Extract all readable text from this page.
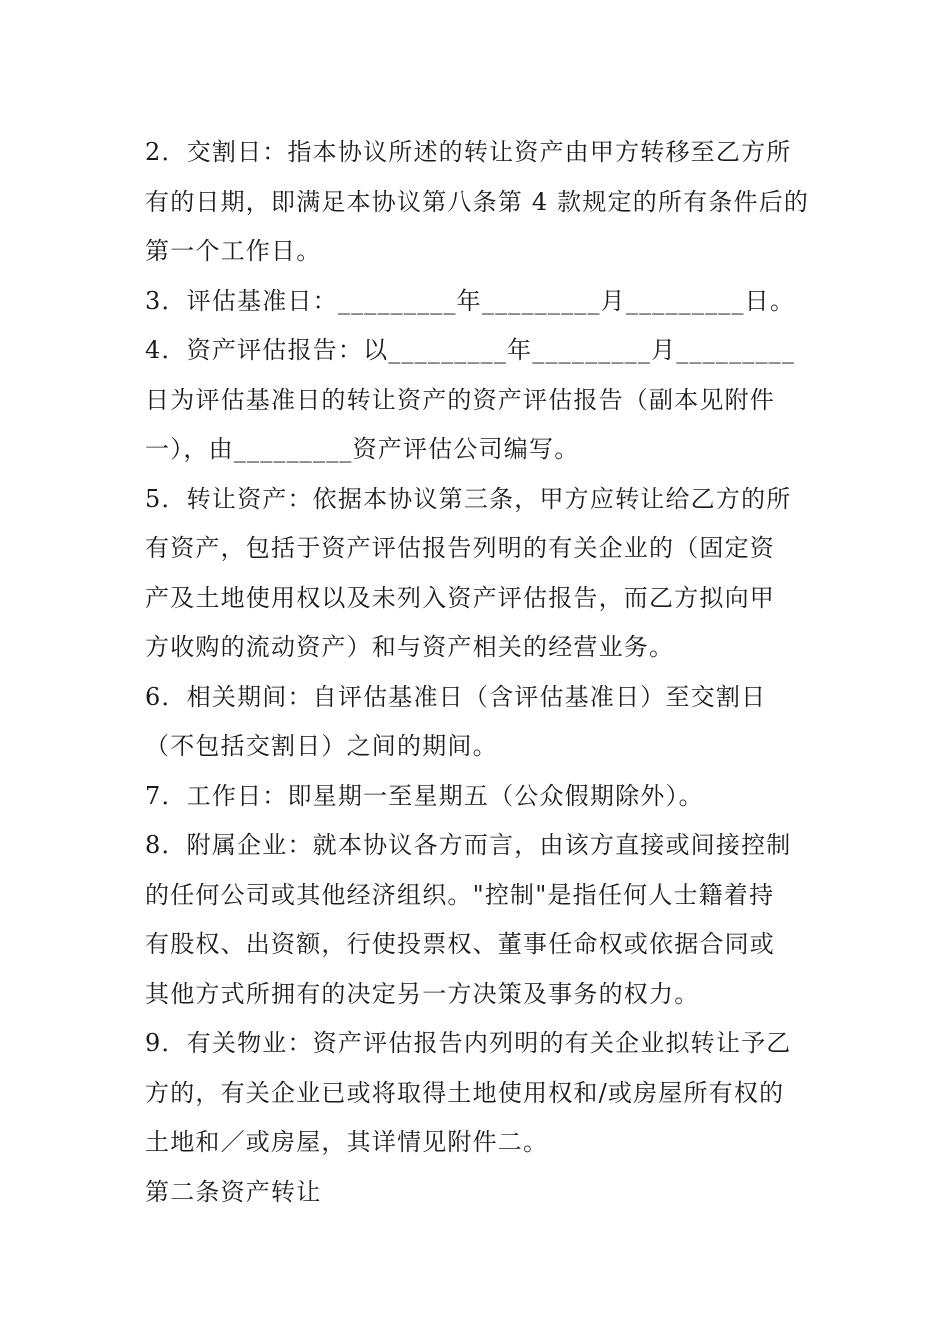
2．交割日：指本协议所述的转让资产由甲方转移至乙方所
有的日期，即满足本协议第八条第 4 款规定的所有条件后的
第一个工作日。
3．评估基准日：_________年_________月_________日。
4．资产评估报告：以_________年_________月_________
日为评估基准日的转让资产的资产评估报告（副本见附件
一），由_________资产评估公司编写。
5．转让资产：依据本协议第三条，甲方应转让给乙方的所
有资产，包括于资产评估报告列明的有关企业的（固定资
产及土地使用权以及未列入资产评估报告，而乙方拟向甲
方收购的流动资产）和与资产相关的经营业务。
6．相关期间：自评估基准日（含评估基准日）至交割日
（不包括交割日）之间的期间。
7．工作日：即星期一至星期五（公众假期除外）。
8．附属企业：就本协议各方而言，由该方直接或间接控制
的任何公司或其他经济组织。"控制"是指任何人士籍着持
有股权、出资额，行使投票权、董事任命权或依据合同或
其他方式所拥有的决定另一方决策及事务的权力。
9．有关物业：资产评估报告内列明的有关企业拟转让予乙
方的，有关企业已或将取得土地使用权和/或房屋所有权的
土地和／或房屋，其详情见附件二。
第二条资产转让
